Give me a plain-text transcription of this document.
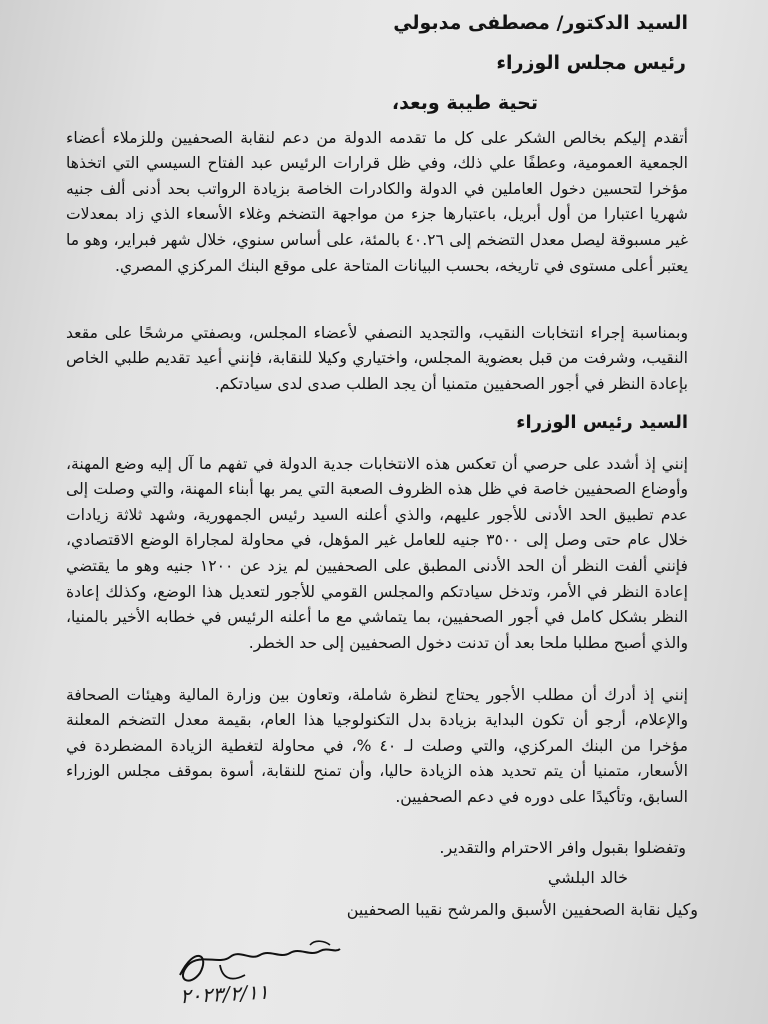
السيد الدكتور/ مصطفى مدبولي
رئيس مجلس الوزراء
تحية طيبة وبعد،

أتقدم إليكم بخالص الشكر على كل ما تقدمه الدولة من دعم لنقابة الصحفيين وللزملاء أعضاء الجمعية العمومية، وعطفًا علي ذلك، وفي ظل قرارات الرئيس عبد الفتاح السيسي التي اتخذها مؤخرا لتحسين دخول العاملين في الدولة والكادرات الخاصة بزيادة الرواتب بحد أدنى ألف جنيه شهريا اعتبارا من أول أبريل، باعتبارها جزء من مواجهة التضخم وغلاء الأسعاء الذي زاد بمعدلات غير مسبوقة ليصل معدل التضخم إلى ٤٠.٢٦ بالمئة، على أساس سنوي، خلال شهر فبراير، وهو ما يعتبر أعلى مستوى في تاريخه، بحسب البيانات المتاحة على موقع البنك المركزي المصري.

وبمناسبة إجراء انتخابات النقيب، والتجديد النصفي لأعضاء المجلس، وبصفتي مرشحًا على مقعد النقيب، وشرفت من قبل بعضوية المجلس، واختياري وكيلا للنقابة، فإنني أعيد تقديم طلبي الخاص بإعادة النظر في أجور الصحفيين متمنيا أن يجد الطلب صدى لدى سيادتكم.

السيد رئيس الوزراء

إنني إذ أشدد على حرصي أن تعكس هذه الانتخابات جدية الدولة في تفهم ما آل إليه وضع المهنة، وأوضاع الصحفيين خاصة في ظل هذه الظروف الصعبة التي يمر بها أبناء المهنة، والتي وصلت إلى عدم تطبيق الحد الأدنى للأجور عليهم، والذي أعلنه السيد رئيس الجمهورية، وشهد ثلاثة زيادات خلال عام حتى وصل إلى ٣٥٠٠ جنيه للعامل غير المؤهل، في محاولة لمجاراة الوضع الاقتصادي، فإنني ألفت النظر أن الحد الأدنى المطبق على الصحفيين لم يزد عن ١٢٠٠ جنيه وهو ما يقتضي إعادة النظر في الأمر، وتدخل سيادتكم والمجلس القومي للأجور لتعديل هذا الوضع، وكذلك إعادة النظر بشكل كامل في أجور الصحفيين، بما يتماشي مع ما أعلنه الرئيس في خطابه الأخير بالمنيا، والذي أصبح مطلبا ملحا بعد أن تدنت دخول الصحفيين إلى حد الخطر.

إنني إذ أدرك أن مطلب الأجور يحتاج لنظرة شاملة، وتعاون بين وزارة المالية وهيئات الصحافة والإعلام، أرجو أن تكون البداية بزيادة بدل التكنولوجيا هذا العام، بقيمة معدل التضخم المعلنة مؤخرا من البنك المركزي، والتي وصلت لـ ٤٠ %، في محاولة لتغطية الزيادة المضطردة في الأسعار، متمنيا أن يتم تحديد هذه الزيادة حاليا، وأن تمنح للنقابة، أسوة بموقف مجلس الوزراء السابق، وتأكيدًا على دوره في دعم الصحفيين.

وتفضلوا بقبول وافر الاحترام والتقدير.
خالد البلشي
وكيل نقابة الصحفيين الأسبق والمرشح نقيبا الصحفيين
٢٠٢٣/٢/١١
